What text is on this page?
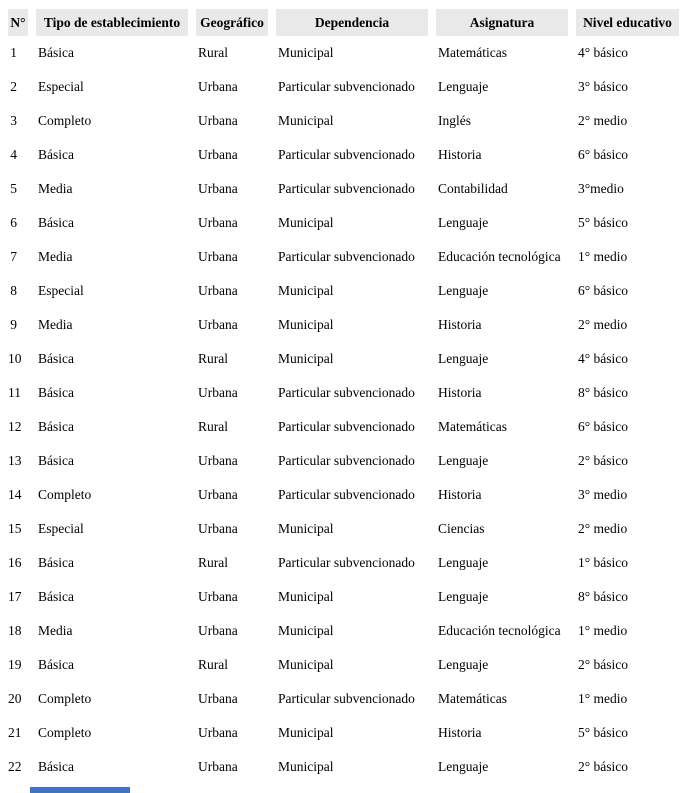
N°	Tipo de establecimiento	Geográfico	Dependencia	Asignatura	Nivel educativo
1	Básica	Rural	Municipal	Matemáticas	4° básico
2	Especial	Urbana	Particular subvencionado	Lenguaje	3° básico
3	Completo	Urbana	Municipal	Inglés	2° medio
4	Básica	Urbana	Particular subvencionado	Historia	6° básico
5	Media	Urbana	Particular subvencionado	Contabilidad	3°medio
6	Básica	Urbana	Municipal	Lenguaje	5° básico
7	Media	Urbana	Particular subvencionado	Educación tecnológica	1° medio
8	Especial	Urbana	Municipal	Lenguaje	6° básico
9	Media	Urbana	Municipal	Historia	2° medio
10	Básica	Rural	Municipal	Lenguaje	4° básico
11	Básica	Urbana	Particular subvencionado	Historia	8° básico
12	Básica	Rural	Particular subvencionado	Matemáticas	6° básico
13	Básica	Urbana	Particular subvencionado	Lenguaje	2° básico
14	Completo	Urbana	Particular subvencionado	Historia	3° medio
15	Especial	Urbana	Municipal	Ciencias	2° medio
16	Básica	Rural	Particular subvencionado	Lenguaje	1° básico
17	Básica	Urbana	Municipal	Lenguaje	8° básico
18	Media	Urbana	Municipal	Educación tecnológica	1° medio
19	Básica	Rural	Municipal	Lenguaje	2° básico
20	Completo	Urbana	Particular subvencionado	Matemáticas	1° medio
21	Completo	Urbana	Municipal	Historia	5° básico
22	Básica	Urbana	Municipal	Lenguaje	2° básico
